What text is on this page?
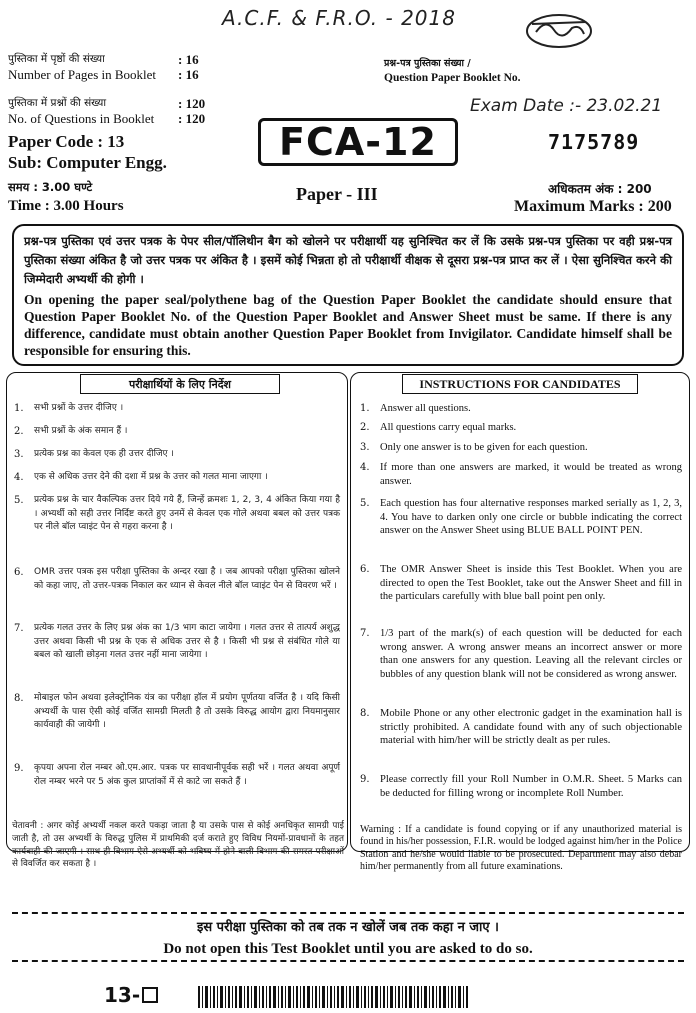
A.C.F. & F.R.O. - 2018
Exam Date :- 23.02.21
पुस्तिका में पृष्ठों की संख्या	: 16
Number of Pages in Booklet	: 16
पुस्तिका में प्रश्नों की संख्या	: 120
No. of Questions in Booklet	: 120
Paper Code : 13
Sub: Computer Engg.
समय : 3.00 घण्टे
Time : 3.00 Hours
प्रश्न-पत्र पुस्तिका संख्या /
Question Paper Booklet No.
7175789
FCA-12
Paper - III	अधिकतम अंक : 200
Maximum Marks : 200
प्रश्न-पत्र पुस्तिका एवं उत्तर पत्रक के पेपर सील/पॉलिथीन बैग को खोलने पर परीक्षार्थी यह सुनिश्चित कर लें कि उसके प्रश्न-पत्र पुस्तिका पर वही प्रश्न-पत्र पुस्तिका संख्या अंकित है जो उत्तर पत्रक पर अंकित है । इसमें कोई भिन्नता हो तो परीक्षार्थी वीक्षक से दूसरा प्रश्न-पत्र प्राप्त कर लें । ऐसा सुनिश्चित करने की जिम्मेदारी अभ्यर्थी की होगी ।
On opening the paper seal/polythene bag of the Question Paper Booklet the candidate should ensure that Question Paper Booklet No. of the Question Paper Booklet and Answer Sheet must be same. If there is any difference, candidate must obtain another Question Paper Booklet from Invigilator. Candidate himself shall be responsible for ensuring this.
परीक्षार्थियों के लिए निर्देश
1.	सभी प्रश्नों के उत्तर दीजिए ।
2.	सभी प्रश्नों के अंक समान हैं ।
3.	प्रत्येक प्रश्न का केवल एक ही उत्तर दीजिए ।
4.	एक से अधिक उत्तर देने की दशा में प्रश्न के उत्तर को गलत माना जाएगा ।
5.	प्रत्येक प्रश्न के चार वैकल्पिक उत्तर दिये गये हैं, जिन्हें क्रमशः 1, 2, 3, 4 अंकित किया गया है । अभ्यर्थी को सही उत्तर निर्दिष्ट करते हुए उनमें से केवल एक गोले अथवा बबल को उत्तर पत्रक पर नीले बॉल प्वाइंट पेन से गहरा करना है ।
6.	OMR उत्तर पत्रक इस परीक्षा पुस्तिका के अन्दर रखा है । जब आपको परीक्षा पुस्तिका खोलने को कहा जाए, तो उत्तर-पत्रक निकाल कर ध्यान से केवल नीले बॉल प्वाइंट पेन से विवरण भरें ।
7.	प्रत्येक गलत उत्तर के लिए प्रश्न अंक का 1/3 भाग काटा जायेगा । गलत उत्तर से तात्पर्य अशुद्ध उत्तर अथवा किसी भी प्रश्न के एक से अधिक उत्तर से है । किसी भी प्रश्न से संबंधित गोले या बबल को खाली छोड़ना गलत उत्तर नहीं माना जायेगा ।
8.	मोबाइल फोन अथवा इलेक्ट्रोनिक यंत्र का परीक्षा हॉल में प्रयोग पूर्णतया वर्जित है । यदि किसी अभ्यर्थी के पास ऐसी कोई वर्जित सामग्री मिलती है तो उसके विरुद्ध आयोग द्वारा नियमानुसार कार्यवाही की जायेगी ।
9.	कृपया अपना रोल नम्बर ओ.एम.आर. पत्रक पर सावधानीपूर्वक सही भरें । गलत अथवा अपूर्ण रोल नम्बर भरने पर 5 अंक कुल प्राप्तांकों में से काटे जा सकते हैं ।
चेतावनी : अगर कोई अभ्यर्थी नकल करते पकड़ा जाता है या उसके पास से कोई अनधिकृत सामग्री पाई जाती है, तो उस अभ्यर्थी के विरुद्ध पुलिस में प्राथमिकी दर्ज कराते हुए विविध नियमों-प्रावधानों के तहत कार्यवाही की जाएगी । साथ ही विभाग ऐसे अभ्यर्थी को भविष्य में होने वाली विभाग की समस्त परीक्षाओं से विवर्जित कर सकता है ।
INSTRUCTIONS FOR CANDIDATES
1. Answer all questions.
2. All questions carry equal marks.
3. Only one answer is to be given for each question.
4. If more than one answers are marked, it would be treated as wrong answer.
5. Each question has four alternative responses marked serially as 1, 2, 3, 4. You have to darken only one circle or bubble indicating the correct answer on the Answer Sheet using BLUE BALL POINT PEN.
6. The OMR Answer Sheet is inside this Test Booklet. When you are directed to open the Test Booklet, take out the Answer Sheet and fill in the particulars carefully with blue ball point pen only.
7. 1/3 part of the mark(s) of each question will be deducted for each wrong answer. A wrong answer means an incorrect answer or more than one answers for any question. Leaving all the relevant circles or bubbles of any question blank will not be considered as wrong answer.
8. Mobile Phone or any other electronic gadget in the examination hall is strictly prohibited. A candidate found with any of such objectionable material with him/her will be strictly dealt as per rules.
9. Please correctly fill your Roll Number in O.M.R. Sheet. 5 Marks can be deducted for filling wrong or incomplete Roll Number.
Warning : If a candidate is found copying or if any unauthorized material is found in his/her possession, F.I.R. would be lodged against him/her in the Police Station and he/she would liable to be prosecuted. Department may also debar him/her permanently from all future examinations.
इस परीक्षा पुस्तिका को तब तक न खोलें जब तक कहा न जाए ।
Do not open this Test Booklet until you are asked to do so.
13-
